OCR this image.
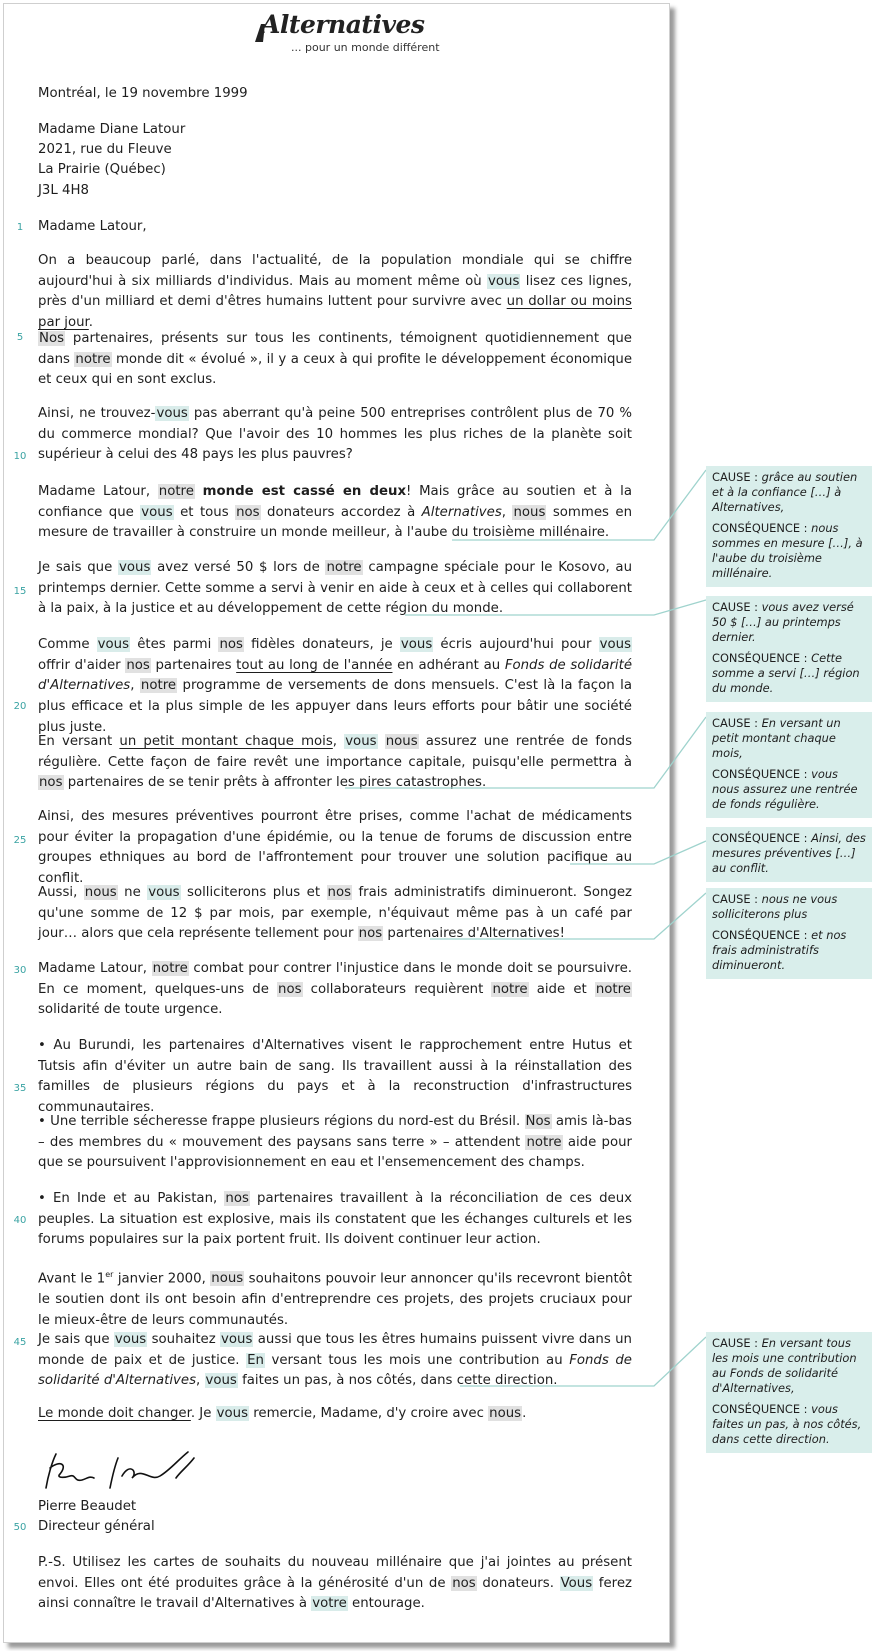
Alternatives
... pour un monde différent
Montréal, le 19 novembre 1999
Madame Diane Latour
2021, rue du Fleuve
La Prairie (Québec)
J3L 4H8
Madame Latour,
1
5
10
15
20
25
30
35
40
45
50
On a beaucoup parlé, dans l'actualité, de la population mondiale qui se chiffre aujourd'hui à six milliards d'individus. Mais au moment même où vous lisez ces lignes, près d'un milliard et demi d'êtres humains luttent pour survivre avec un dollar ou moins par jour.
Nos partenaires, présents sur tous les continents, témoignent quotidiennement que dans notre monde dit « évolué », il y a ceux à qui profite le développement économique et ceux qui en sont exclus.
Ainsi, ne trouvez-vous pas aberrant qu'à peine 500 entreprises contrôlent plus de 70 % du commerce mondial? Que l'avoir des 10 hommes les plus riches de la planète soit supérieur à celui des 48 pays les plus pauvres?
Madame Latour, notre monde est cassé en deux! Mais grâce au soutien et à la confiance que vous et tous nos donateurs accordez à Alternatives, nous sommes en mesure de travailler à construire un monde meilleur, à l'aube du troisième millénaire.
Je sais que vous avez versé 50 $ lors de notre campagne spéciale pour le Kosovo, au printemps dernier. Cette somme a servi à venir en aide à ceux et à celles qui collaborent à la paix, à la justice et au développement de cette région du monde.
Comme vous êtes parmi nos fidèles donateurs, je vous écris aujourd'hui pour vous offrir d'aider nos partenaires tout au long de l'année en adhérant au Fonds de solidarité d'Alternatives, notre programme de versements de dons mensuels. C'est là la façon la plus efficace et la plus simple de les appuyer dans leurs efforts pour bâtir une société plus juste.
En versant un petit montant chaque mois, vous nous assurez une rentrée de fonds régulière. Cette façon de faire revêt une importance capitale, puisqu'elle permettra à nos partenaires de se tenir prêts à affronter les pires catastrophes.
Ainsi, des mesures préventives pourront être prises, comme l'achat de médicaments pour éviter la propagation d'une épidémie, ou la tenue de forums de discussion entre groupes ethniques au bord de l'affrontement pour trouver une solution pacifique au conflit.
Aussi, nous ne vous solliciterons plus et nos frais administratifs diminueront. Songez qu'une somme de 12 $ par mois, par exemple, n'équivaut même pas à un café par jour… alors que cela représente tellement pour nos partenaires d'Alternatives!
Madame Latour, notre combat pour contrer l'injustice dans le monde doit se poursuivre. En ce moment, quelques-uns de nos collaborateurs requièrent notre aide et notre solidarité de toute urgence.
• Au Burundi, les partenaires d'Alternatives visent le rapprochement entre Hutus et Tutsis afin d'éviter un autre bain de sang. Ils travaillent aussi à la réinstallation des familles de plusieurs régions du pays et à la reconstruction d'infrastructures communautaires.
• Une terrible sécheresse frappe plusieurs régions du nord-est du Brésil. Nos amis là-bas – des membres du « mouvement des paysans sans terre » – attendent notre aide pour que se poursuivent l'approvisionnement en eau et l'ensemencement des champs.
• En Inde et au Pakistan, nos partenaires travaillent à la réconciliation de ces deux peuples. La situation est explosive, mais ils constatent que les échanges culturels et les forums populaires sur la paix portent fruit. Ils doivent continuer leur action.
Avant le 1er janvier 2000, nous souhaitons pouvoir leur annoncer qu'ils recevront bientôt le soutien dont ils ont besoin afin d'entreprendre ces projets, des projets cruciaux pour le mieux-être de leurs communautés.
Je sais que vous souhaitez vous aussi que tous les êtres humains puissent vivre dans un monde de paix et de justice. En versant tous les mois une contribution au Fonds de solidarité d'Alternatives, vous faites un pas, à nos côtés, dans cette direction.
Le monde doit changer. Je vous remercie, Madame, d'y croire avec nous.
Pierre Beaudet
Directeur général
P.-S. Utilisez les cartes de souhaits du nouveau millénaire que j'ai jointes au présent envoi. Elles ont été produites grâce à la générosité d'un de nos donateurs. Vous ferez ainsi connaître le travail d'Alternatives à votre entourage.

CAUSE : grâce au soutien et à la confiance […] à Alternatives,

CONSÉQUENCE : nous sommes en mesure […], à l'aube du troisième millénaire.

CAUSE : vous avez versé 50 $ […] au printemps dernier.

CONSÉQUENCE : Cette somme a servi […] région du monde.

CAUSE : En versant un petit montant chaque mois,

CONSÉQUENCE : vous nous assurez une rentrée de fonds régulière.

CONSÉQUENCE : Ainsi, des mesures préventives […] au conflit.

CAUSE : nous ne vous solliciterons plus

CONSÉQUENCE : et nos frais administratifs diminueront.

CAUSE : En versant tous les mois une contribution au Fonds de solidarité d'Alternatives,

CONSÉQUENCE : vous faites un pas, à nos côtés, dans cette direction.
